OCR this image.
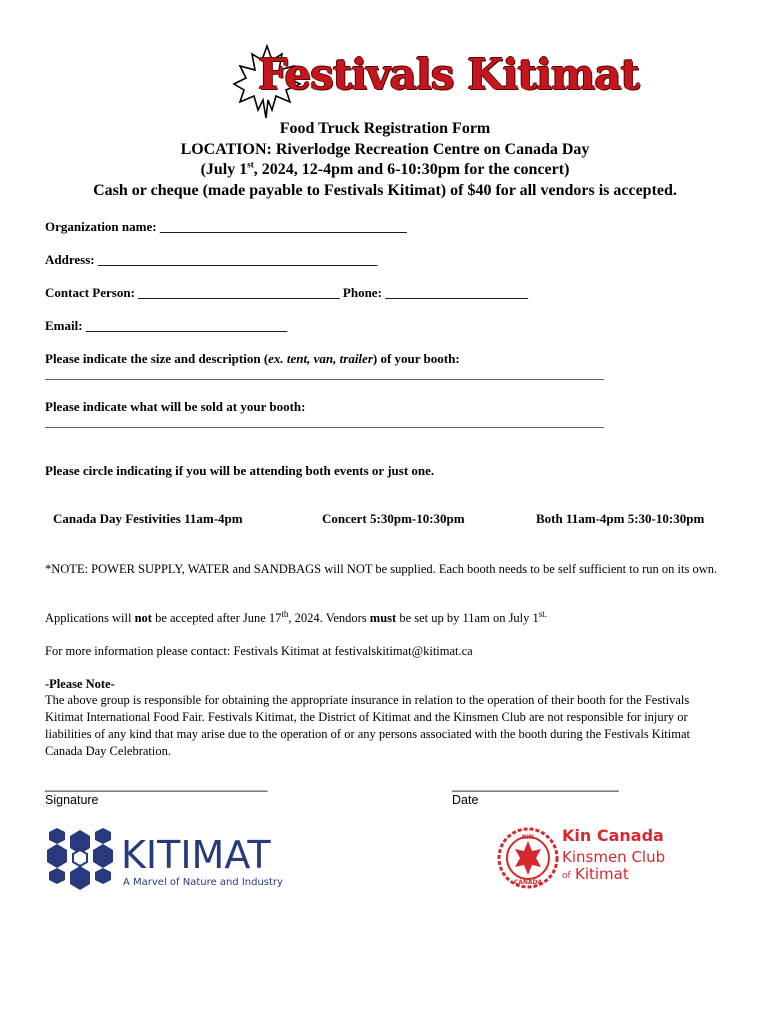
Festivals Kitimat
Food Truck Registration Form
LOCATION: Riverlodge Recreation Centre on Canada Day
(July 1st, 2024, 12-4pm and 6-10:30pm for the concert)
Cash or cheque (made payable to Festivals Kitimat) of $40 for all vendors is accepted.
Organization name: ______________________________________
Address: ___________________________________________
Contact Person: _______________________________ Phone: ______________________
Email: _______________________________
Please indicate the size and description (ex. tent, van, trailer) of your booth:
______________________________________________________________________________________
Please indicate what will be sold at your booth:
______________________________________________________________________________________
Please circle indicating if you will be attending both events or just one.
Canada Day Festivities 11am-4pm	Concert 5:30pm-10:30pm	Both 11am-4pm 5:30-10:30pm
*NOTE: POWER SUPPLY, WATER and SANDBAGS will NOT be supplied. Each booth needs to be self sufficient to run on its own.
Applications will not be accepted after June 17th, 2024. Vendors must be set up by 11am on July $1^{st.}$
For more information please contact: Festivals Kitimat at festivalskitimat@kitimat.ca
-Please Note-
The above group is responsible for obtaining the appropriate insurance in relation to the operation of their booth for the Festivals Kitimat International Food Fair. Festivals Kitimat, the District of Kitimat and the Kinsmen Club are not responsible for injury or liabilities of any kind that may arise due to the operation of or any persons associated with the booth during the Festivals Kitimat Canada Day Celebration.
________________________________
Signature
________________________
Date
KITIMAT
A Marvel of Nature and Industry
KIN
CANADA
Kin Canada
Kinsmen Club
of Kitimat
